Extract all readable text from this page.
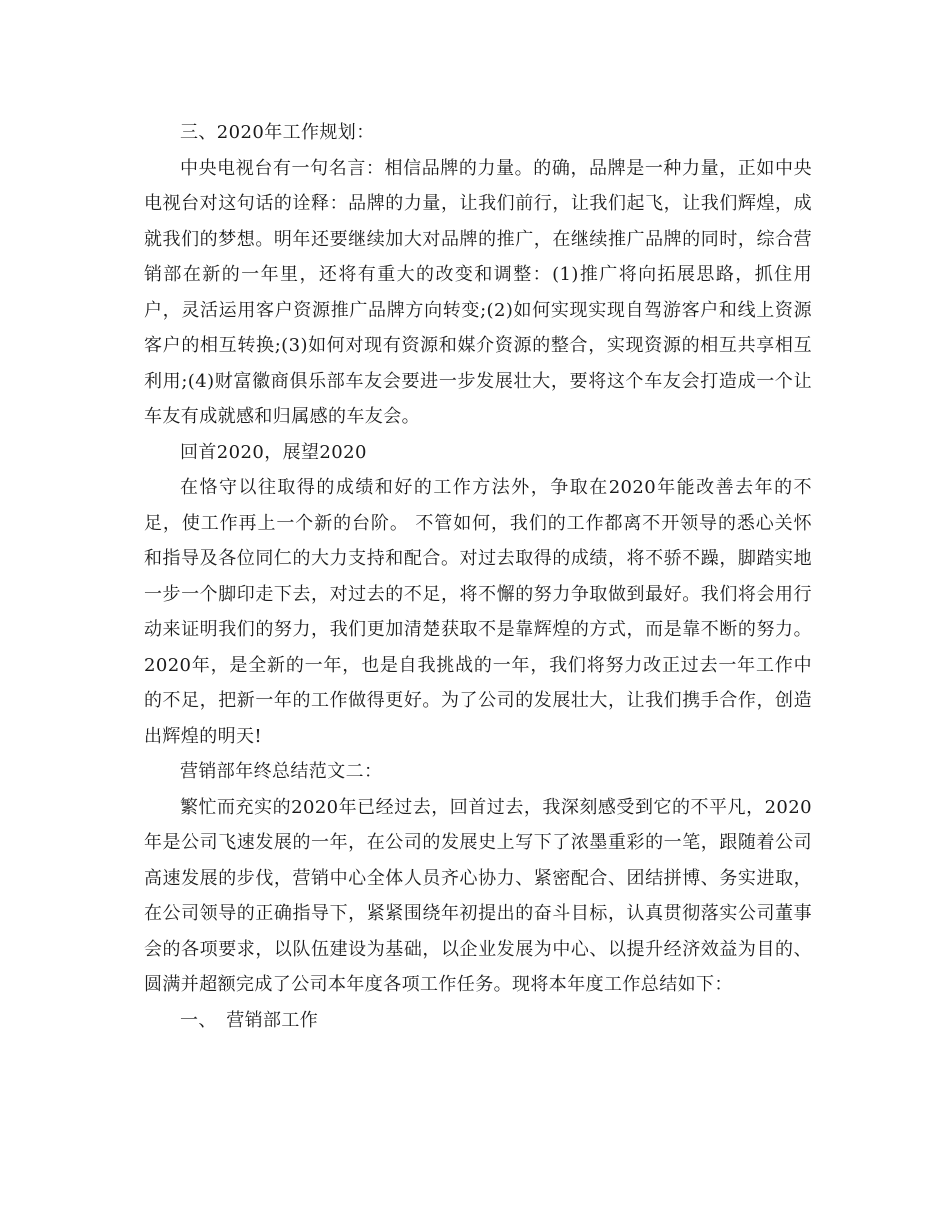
三、2020年工作规划：

中央电视台有一句名言：相信品牌的力量。的确，品牌是一种力量，正如中央电视台对这句话的诠释：品牌的力量，让我们前行，让我们起飞，让我们辉煌，成就我们的梦想。明年还要继续加大对品牌的推广，在继续推广品牌的同时，综合营销部在新的一年里，还将有重大的改变和调整：(1)推广将向拓展思路，抓住用户，灵活运用客户资源推广品牌方向转变;(2)如何实现实现自驾游客户和线上资源客户的相互转换;(3)如何对现有资源和媒介资源的整合，实现资源的相互共享相互利用;(4)财富徽商俱乐部车友会要进一步发展壮大，要将这个车友会打造成一个让车友有成就感和归属感的车友会。

回首2020，展望2020

在恪守以往取得的成绩和好的工作方法外，争取在2020年能改善去年的不足，使工作再上一个新的台阶。 不管如何，我们的工作都离不开领导的悉心关怀和指导及各位同仁的大力支持和配合。对过去取得的成绩，将不骄不躁，脚踏实地一步一个脚印走下去，对过去的不足，将不懈的努力争取做到最好。我们将会用行动来证明我们的努力，我们更加清楚获取不是靠辉煌的方式，而是靠不断的努力。2020年，是全新的一年，也是自我挑战的一年，我们将努力改正过去一年工作中的不足，把新一年的工作做得更好。为了公司的发展壮大，让我们携手合作，创造出辉煌的明天!

营销部年终总结范文二：

繁忙而充实的2020年已经过去，回首过去，我深刻感受到它的不平凡，2020年是公司飞速发展的一年，在公司的发展史上写下了浓墨重彩的一笔，跟随着公司高速发展的步伐，营销中心全体人员齐心协力、紧密配合、团结拼博、务实进取，在公司领导的正确指导下，紧紧围绕年初提出的奋斗目标，认真贯彻落实公司董事会的各项要求，以队伍建设为基础，以企业发展为中心、以提升经济效益为目的、圆满并超额完成了公司本年度各项工作任务。现将本年度工作总结如下：

一、　营销部工作
